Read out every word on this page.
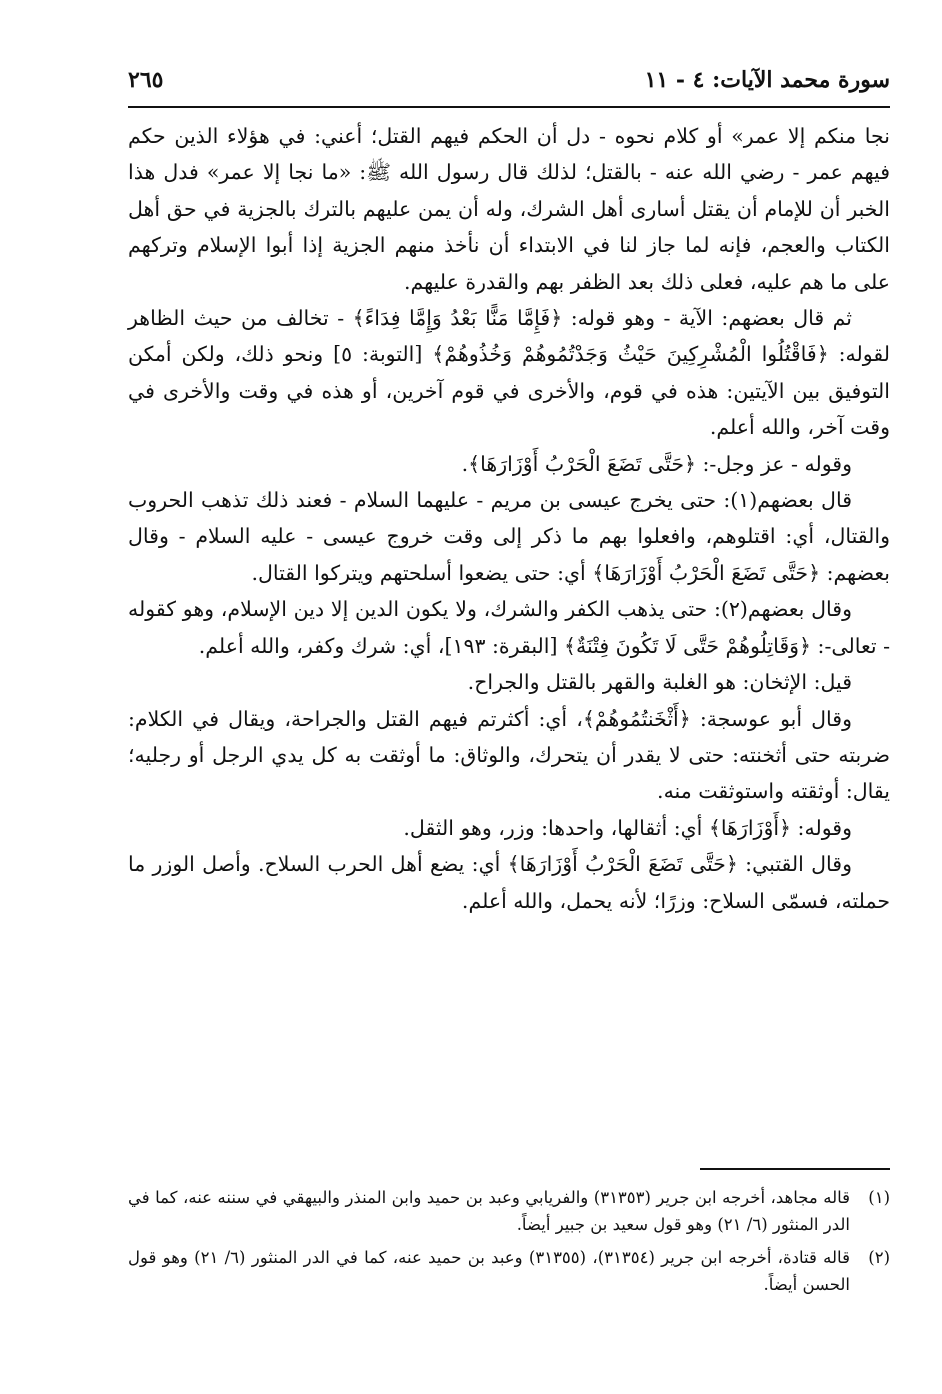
سورة محمد الآيات: ٤ - ١١
٢٦٥

نجا منكم إلا عمر» أو كلام نحوه - دل أن الحكم فيهم القتل؛ أعني: في هؤلاء الذين حكم فيهم عمر - رضي الله عنه - بالقتل؛ لذلك قال رسول الله ﷺ: «ما نجا إلا عمر» فدل هذا الخبر أن للإمام أن يقتل أسارى أهل الشرك، وله أن يمن عليهم بالترك بالجزية في حق أهل الكتاب والعجم، فإنه لما جاز لنا في الابتداء أن نأخذ منهم الجزية إذا أبوا الإسلام وتركهم على ما هم عليه، فعلى ذلك بعد الظفر بهم والقدرة عليهم.

ثم قال بعضهم: الآية - وهو قوله: ﴿فَإِمَّا مَنًّا بَعْدُ وَإِمَّا فِدَاءً﴾ - تخالف من حيث الظاهر لقوله: ﴿فَاقْتُلُوا الْمُشْرِكِينَ حَيْثُ وَجَدْتُمُوهُمْ وَخُذُوهُمْ﴾ [التوبة: ٥] ونحو ذلك، ولكن أمكن التوفيق بين الآيتين: هذه في قوم، والأخرى في قوم آخرين، أو هذه في وقت والأخرى في وقت آخر، والله أعلم.

وقوله - عز وجل-: ﴿حَتَّى تَضَعَ الْحَرْبُ أَوْزَارَهَا﴾.

قال بعضهم(١): حتى يخرج عيسى بن مريم - عليهما السلام - فعند ذلك تذهب الحروب والقتال، أي: اقتلوهم، وافعلوا بهم ما ذكر إلى وقت خروج عيسى - عليه السلام - وقال بعضهم: ﴿حَتَّى تَضَعَ الْحَرْبُ أَوْزَارَهَا﴾ أي: حتى يضعوا أسلحتهم ويتركوا القتال.

وقال بعضهم(٢): حتى يذهب الكفر والشرك، ولا يكون الدين إلا دين الإسلام، وهو كقوله - تعالى-: ﴿وَقَاتِلُوهُمْ حَتَّى لَا تَكُونَ فِتْنَةٌ﴾ [البقرة: ١٩٣]، أي: شرك وكفر، والله أعلم.

قيل: الإثخان: هو الغلبة والقهر بالقتل والجراح.

وقال أبو عوسجة: ﴿أَثْخَنتُمُوهُمْ﴾، أي: أكثرتم فيهم القتل والجراحة، ويقال في الكلام: ضربته حتى أثخنته: حتى لا يقدر أن يتحرك، والوثاق: ما أوثقت به كل يدي الرجل أو رجليه؛ يقال: أوثقته واستوثقت منه.

وقوله: ﴿أَوْزَارَهَا﴾ أي: أثقالها، واحدها: وزر، وهو الثقل.

وقال القتبي: ﴿حَتَّى تَضَعَ الْحَرْبُ أَوْزَارَهَا﴾ أي: يضع أهل الحرب السلاح. وأصل الوزر ما حملته، فسمّى السلاح: وزرًا؛ لأنه يحمل، والله أعلم.

(١)
قاله مجاهد، أخرجه ابن جرير (٣١٣٥٣) والفريابي وعبد بن حميد وابن المنذر والبيهقي في سننه عنه، كما في الدر المنثور (٦/ ٢١) وهو قول سعيد بن جبير أيضاً.
(٢)
قاله قتادة، أخرجه ابن جرير (٣١٣٥٤)، (٣١٣٥٥) وعبد بن حميد عنه، كما في الدر المنثور (٦/ ٢١) وهو قول الحسن أيضاً.
